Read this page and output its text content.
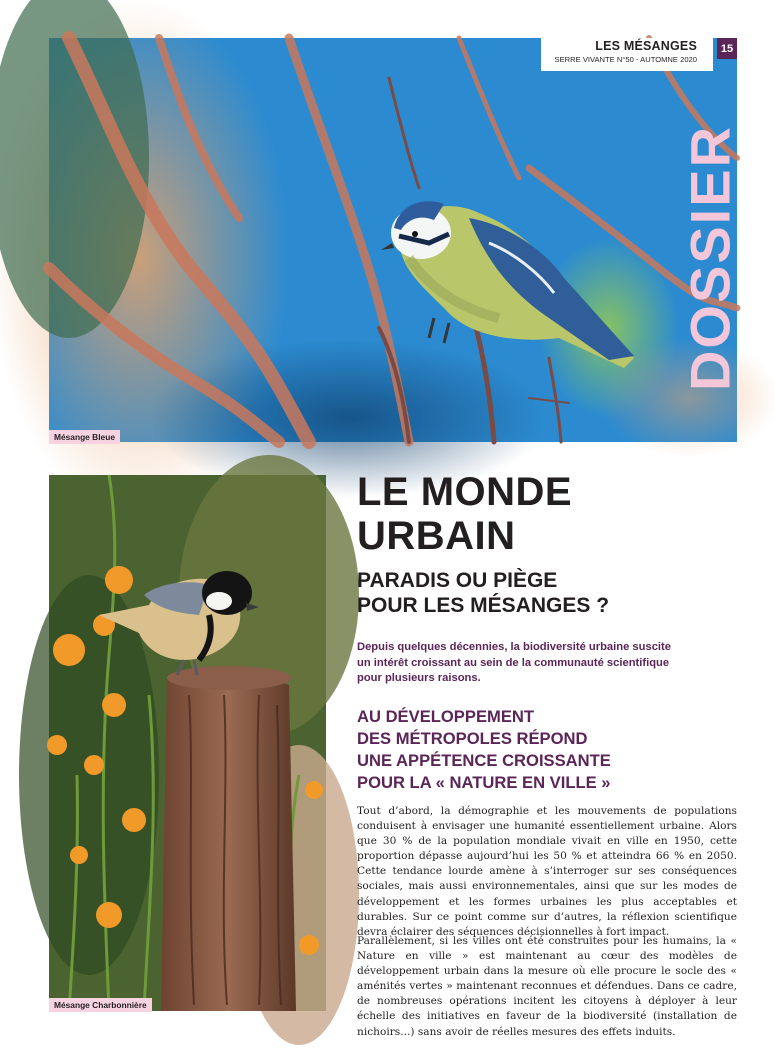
LES MÉSANGES
SERRE VIVANTE N°50 - AUTOMNE 2020
15
DOSSIER
Mésange Bleue
Mésange Charbonnière
LE MONDE
URBAIN
PARADIS OU PIÈGE
POUR LES MÉSANGES ?
Depuis quelques décennies, la biodiversité urbaine suscite
un intérêt croissant au sein de la communauté scientifique
pour plusieurs raisons.
AU DÉVELOPPEMENT
DES MÉTROPOLES RÉPOND
UNE APPÉTENCE CROISSANTE
POUR LA « NATURE EN VILLE »

Tout d’abord, la démographie et les mouvements de populations conduisent à envisager une humanité essentiellement urbaine. Alors que 30 % de la population mondiale vivait en ville en 1950, cette proportion dépasse aujourd’hui les 50 % et atteindra 66 % en 2050. Cette tendance lourde amène à s’interroger sur ses conséquences sociales, mais aussi environnementales, ainsi que sur les modes de développement et les formes urbaines les plus acceptables et durables. Sur ce point comme sur d’autres, la réflexion scientifique devra éclairer des séquences décisionnelles à fort impact.

Parallèlement, si les villes ont été construites pour les humains, la « Nature en ville » est maintenant au cœur des modèles de développement urbain dans la mesure où elle procure le socle des « aménités vertes » maintenant reconnues et défendues. Dans ce cadre, de nombreuses opérations incitent les citoyens à déployer à leur échelle des initiatives en faveur de la biodiversité (installation de nichoirs...) sans avoir de réelles mesures des effets induits.
